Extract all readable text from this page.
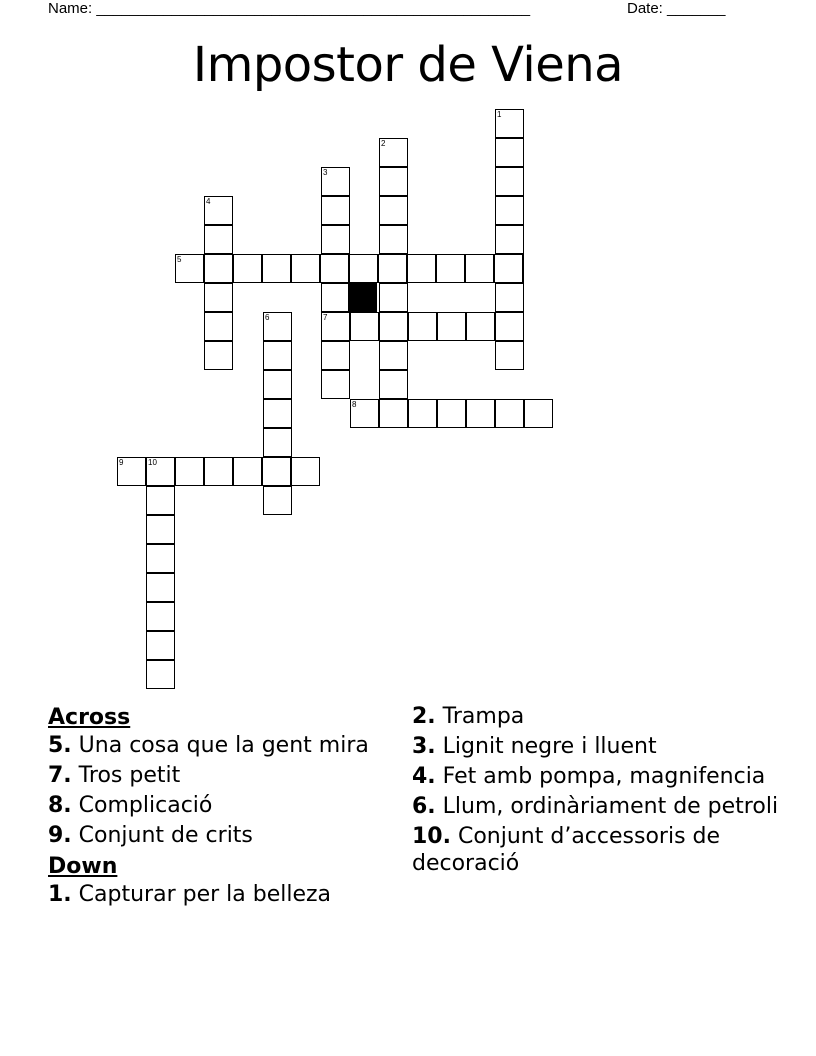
Name: ____________________________________________________	Date: _______
Impostor de Viena
1
2
3
7
4
5
6
8
9	10

Across

5. Una cosa que la gent mira

7. Tros petit

8. Complicació

9. Conjunt de crits

Down

1. Capturar per la belleza

2. Trampa

3. Lignit negre i lluent

4. Fet amb pompa, magnifencia

6. Llum, ordinàriament de petroli

10. Conjunt d’accessoris de decoració
